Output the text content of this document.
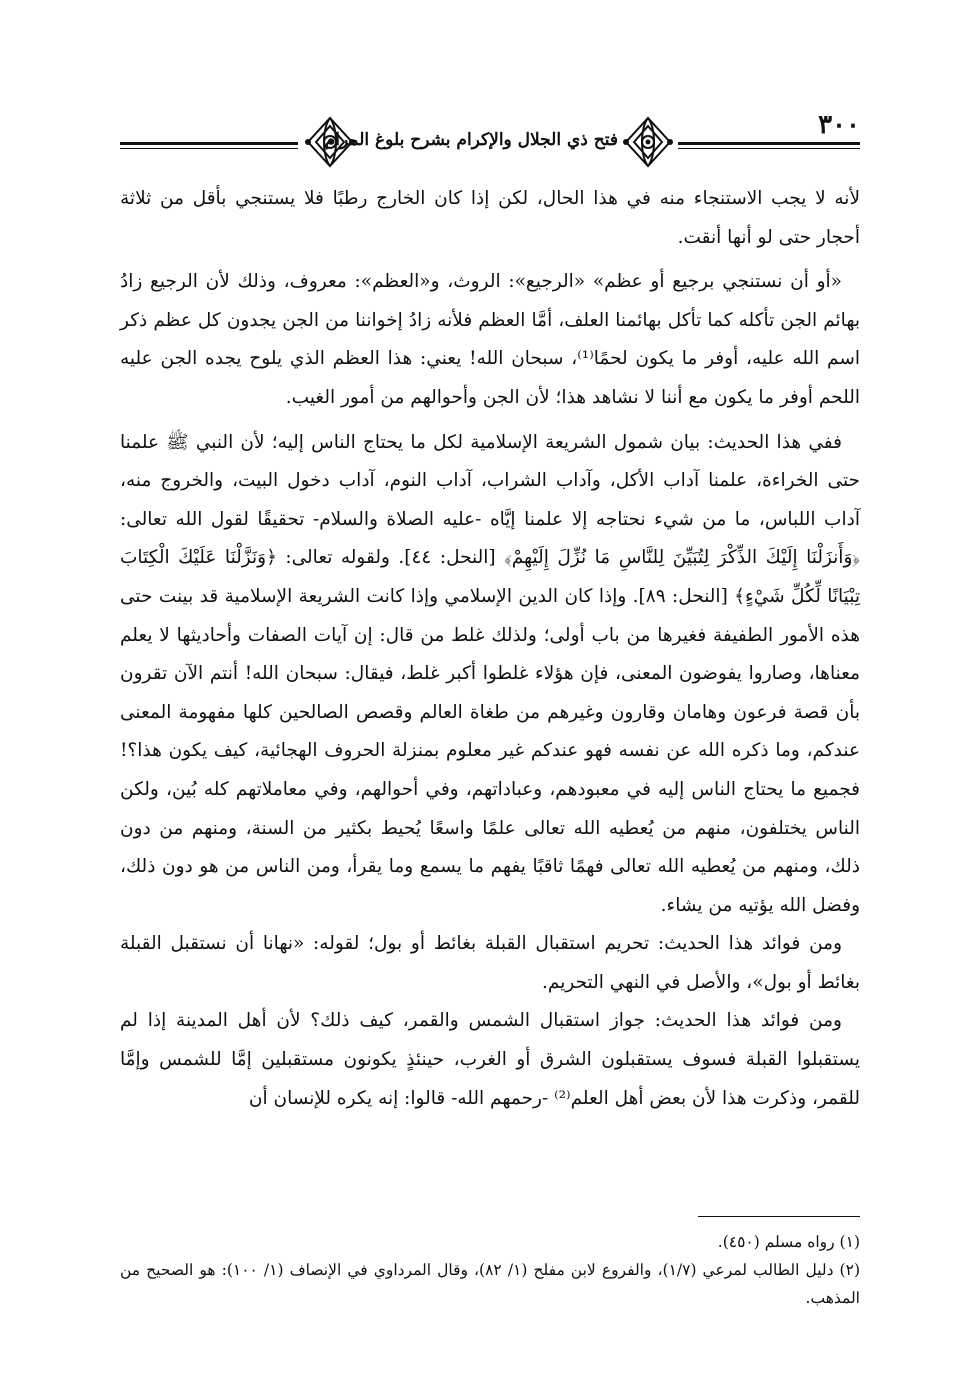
فتح ذي الجلال والإكرام بشرح بلوغ المرام	٣٠٠

لأنه لا يجب الاستنجاء منه في هذا الحال، لكن إذا كان الخارج رطبًا فلا يستنجي بأقل من ثلاثة أحجار حتى لو أنها أنقت.

«أو أن نستنجي برجيع أو عظم» «الرجيع»: الروث، و«العظم»: معروف، وذلك لأن الرجيع زادُ بهائم الجن تأكله كما تأكل بهائمنا العلف، أمَّا العظم فلأنه زادُ إخواننا من الجن يجدون كل عظم ذكر اسم الله عليه، أوفر ما يكون لحمًا⁽¹⁾، سبحان الله! يعني: هذا العظم الذي يلوح يجده الجن عليه اللحم أوفر ما يكون مع أننا لا نشاهد هذا؛ لأن الجن وأحوالهم من أمور الغيب.

ففي هذا الحديث: بيان شمول الشريعة الإسلامية لكل ما يحتاج الناس إليه؛ لأن النبي ﷺ علمنا حتى الخراءة، علمنا آداب الأكل، وآداب الشراب، آداب النوم، آداب دخول البيت، والخروج منه، آداب اللباس، ما من شيء نحتاجه إلا علمنا إيَّاه -عليه الصلاة والسلام- تحقيقًا لقول الله تعالى: ﴿وَأَنزَلْنَا إِلَيْكَ الذِّكْرَ لِتُبَيِّنَ لِلنَّاسِ مَا نُزِّلَ إِلَيْهِمْ﴾ [النحل: ٤٤]. ولقوله تعالى: ﴿وَنَزَّلْنَا عَلَيْكَ الْكِتَابَ تِبْيَانًا لِّكُلِّ شَيْءٍ﴾ [النحل: ٨٩]. وإذا كان الدين الإسلامي وإذا كانت الشريعة الإسلامية قد بينت حتى هذه الأمور الطفيفة فغيرها من باب أولى؛ ولذلك غلط من قال: إن آيات الصفات وأحاديثها لا يعلم معناها، وصاروا يفوضون المعنى، فإن هؤلاء غلطوا أكبر غلط، فيقال: سبحان الله! أنتم الآن تقرون بأن قصة فرعون وهامان وقارون وغيرهم من طغاة العالم وقصص الصالحين كلها مفهومة المعنى عندكم، وما ذكره الله عن نفسه فهو عندكم غير معلوم بمنزلة الحروف الهجائية، كيف يكون هذا؟! فجميع ما يحتاج الناس إليه في معبودهم، وعباداتهم، وفي أحوالهم، وفي معاملاتهم كله بُين، ولكن الناس يختلفون، منهم من يُعطيه الله تعالى علمًا واسعًا يُحيط بكثير من السنة، ومنهم من دون ذلك، ومنهم من يُعطيه الله تعالى فهمًا ثاقبًا يفهم ما يسمع وما يقرأ، ومن الناس من هو دون ذلك، وفضل الله يؤتيه من يشاء.

ومن فوائد هذا الحديث: تحريم استقبال القبلة بغائط أو بول؛ لقوله: «نهانا أن نستقبل القبلة بغائط أو بول»، والأصل في النهي التحريم.

ومن فوائد هذا الحديث: جواز استقبال الشمس والقمر، كيف ذلك؟ لأن أهل المدينة إذا لم يستقبلوا القبلة فسوف يستقبلون الشرق أو الغرب، حينئذٍ يكونون مستقبلين إمَّا للشمس وإمَّا للقمر، وذكرت هذا لأن بعض أهل العلم⁽²⁾ -رحمهم الله- قالوا: إنه يكره للإنسان أن

(١) رواه مسلم (٤٥٠).

(٢) دليل الطالب لمرعي (١/٧)، والفروع لابن مفلح (١/ ٨٢)، وقال المرداوي في الإنصاف (١/ ١٠٠): هو الصحيح من المذهب.
